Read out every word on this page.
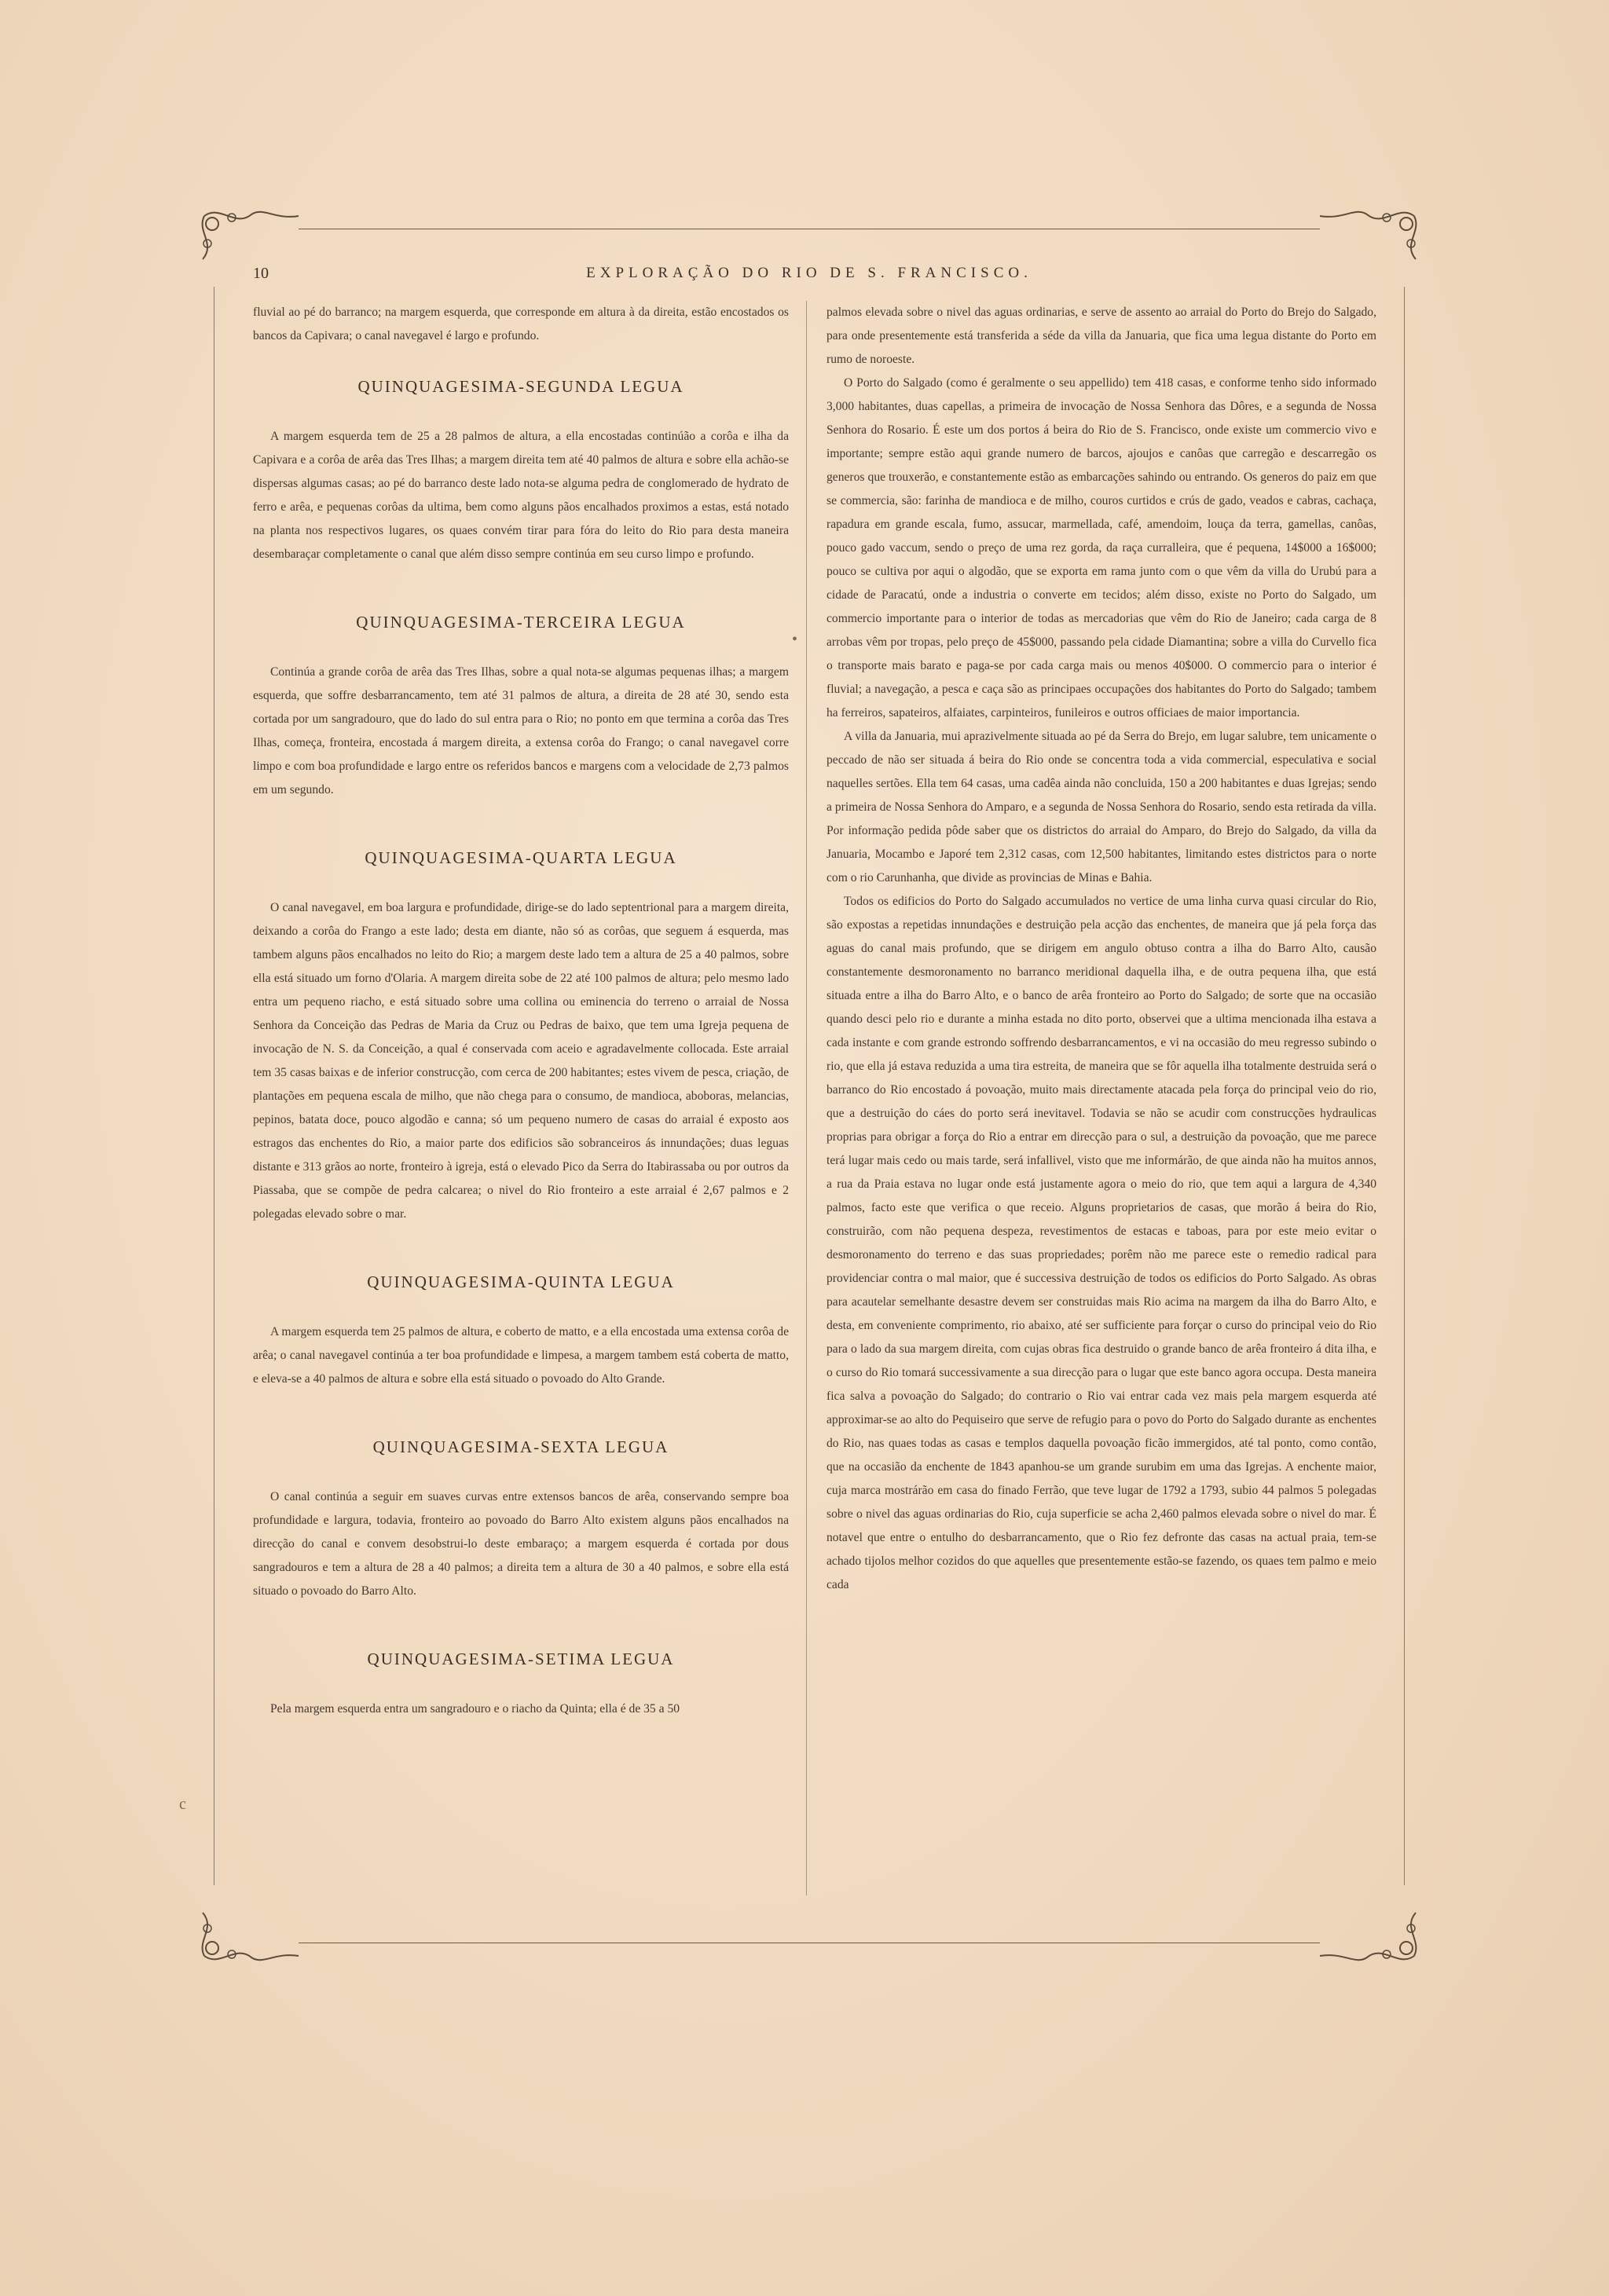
10	EXPLORAÇÃO DO RIO DE S. FRANCISCO.

fluvial ao pé do barranco; na margem esquerda, que corresponde em altura à da direita, estão encostados os bancos da Capivara; o canal navegavel é largo e profundo.

QUINQUAGESIMA-SEGUNDA LEGUA

A margem esquerda tem de 25 a 28 palmos de altura, a ella encostadas continúão a corôa e ilha da Capivara e a corôa de arêa das Tres Ilhas; a margem direita tem até 40 palmos de altura e sobre ella achão-se dispersas algumas casas; ao pé do barranco deste lado nota-se alguma pedra de conglomerado de hydrato de ferro e arêa, e pequenas corôas da ultima, bem como alguns pãos encalhados proximos a estas, está notado na planta nos respectivos lugares, os quaes convém tirar para fóra do leito do Rio para desta maneira desembaraçar completamente o canal que além disso sempre continúa em seu curso limpo e profundo.

QUINQUAGESIMA-TERCEIRA LEGUA

Continúa a grande corôa de arêa das Tres Ilhas, sobre a qual nota-se algumas pequenas ilhas; a margem esquerda, que soffre desbarrancamento, tem até 31 palmos de altura, a direita de 28 até 30, sendo esta cortada por um sangradouro, que do lado do sul entra para o Rio; no ponto em que termina a corôa das Tres Ilhas, começa, fronteira, encostada á margem direita, a extensa corôa do Frango; o canal navegavel corre limpo e com boa profundidade e largo entre os referidos bancos e margens com a velocidade de 2,73 palmos em um segundo.

QUINQUAGESIMA-QUARTA LEGUA

O canal navegavel, em boa largura e profundidade, dirige-se do lado septentrional para a margem direita, deixando a corôa do Frango a este lado; desta em diante, não só as corôas, que seguem á esquerda, mas tambem alguns pãos encalhados no leito do Rio; a margem deste lado tem a altura de 25 a 40 palmos, sobre ella está situado um forno d'Olaria. A margem direita sobe de 22 até 100 palmos de altura; pelo mesmo lado entra um pequeno riacho, e está situado sobre uma collina ou eminencia do terreno o arraial de Nossa Senhora da Conceição das Pedras de Maria da Cruz ou Pedras de baixo, que tem uma Igreja pequena de invocação de N. S. da Conceição, a qual é conservada com aceio e agradavelmente collocada. Este arraial tem 35 casas baixas e de inferior construcção, com cerca de 200 habitantes; estes vivem de pesca, criação, de plantações em pequena escala de milho, que não chega para o consumo, de mandioca, aboboras, melancias, pepinos, batata doce, pouco algodão e canna; só um pequeno numero de casas do arraial é exposto aos estragos das enchentes do Rio, a maior parte dos edificios são sobranceiros ás innundações; duas leguas distante e 313 grãos ao norte, fronteiro à igreja, está o elevado Pico da Serra do Itabirassaba ou por outros da Piassaba, que se compõe de pedra calcarea; o nivel do Rio fronteiro a este arraial é 2,67 palmos e 2 polegadas elevado sobre o mar.

QUINQUAGESIMA-QUINTA LEGUA

A margem esquerda tem 25 palmos de altura, e coberto de matto, e a ella encostada uma extensa corôa de arêa; o canal navegavel continúa a ter boa profundidade e limpesa, a margem tambem está coberta de matto, e eleva-se a 40 palmos de altura e sobre ella está situado o povoado do Alto Grande.

QUINQUAGESIMA-SEXTA LEGUA

O canal continúa a seguir em suaves curvas entre extensos bancos de arêa, conservando sempre boa profundidade e largura, todavia, fronteiro ao povoado do Barro Alto existem alguns pãos encalhados na direcção do canal e convem desobstrui-lo deste embaraço; a margem esquerda é cortada por dous sangradouros e tem a altura de 28 a 40 palmos; a direita tem a altura de 30 a 40 palmos, e sobre ella está situado o povoado do Barro Alto.

QUINQUAGESIMA-SETIMA LEGUA

Pela margem esquerda entra um sangradouro e o riacho da Quinta; ella é de 35 a 50

palmos elevada sobre o nivel das aguas ordinarias, e serve de assento ao arraial do Porto do Brejo do Salgado, para onde presentemente está transferida a séde da villa da Januaria, que fica uma legua distante do Porto em rumo de noroeste.

O Porto do Salgado (como é geralmente o seu appellido) tem 418 casas, e conforme tenho sido informado 3,000 habitantes, duas capellas, a primeira de invocação de Nossa Senhora das Dôres, e a segunda de Nossa Senhora do Rosario. É este um dos portos á beira do Rio de S. Francisco, onde existe um commercio vivo e importante; sempre estão aqui grande numero de barcos, ajoujos e canôas que carregão e descarregão os generos que trouxerão, e constantemente estão as embarcações sahindo ou entrando. Os generos do paiz em que se commercia, são: farinha de mandioca e de milho, couros curtidos e crús de gado, veados e cabras, cachaça, rapadura em grande escala, fumo, assucar, marmellada, café, amendoim, louça da terra, gamellas, canôas, pouco gado vaccum, sendo o preço de uma rez gorda, da raça curralleira, que é pequena, 14$000 a 16$000; pouco se cultiva por aqui o algodão, que se exporta em rama junto com o que vêm da villa do Urubú para a cidade de Paracatú, onde a industria o converte em tecidos; além disso, existe no Porto do Salgado, um commercio importante para o interior de todas as mercadorias que vêm do Rio de Janeiro; cada carga de 8 arrobas vêm por tropas, pelo preço de 45$000, passando pela cidade Diamantina; sobre a villa do Curvello fica o transporte mais barato e paga-se por cada carga mais ou menos 40$000. O commercio para o interior é fluvial; a navegação, a pesca e caça são as principaes occupações dos habitantes do Porto do Salgado; tambem ha ferreiros, sapateiros, alfaiates, carpinteiros, funileiros e outros officiaes de maior importancia.

A villa da Januaria, mui aprazivelmente situada ao pé da Serra do Brejo, em lugar salubre, tem unicamente o peccado de não ser situada á beira do Rio onde se concentra toda a vida commercial, especulativa e social naquelles sertões. Ella tem 64 casas, uma cadêa ainda não concluida, 150 a 200 habitantes e duas Igrejas; sendo a primeira de Nossa Senhora do Amparo, e a segunda de Nossa Senhora do Rosario, sendo esta retirada da villa. Por informação pedida pôde saber que os districtos do arraial do Amparo, do Brejo do Salgado, da villa da Januaria, Mocambo e Japoré tem 2,312 casas, com 12,500 habitantes, limitando estes districtos para o norte com o rio Carunhanha, que divide as provincias de Minas e Bahia.

Todos os edificios do Porto do Salgado accumulados no vertice de uma linha curva quasi circular do Rio, são expostas a repetidas innundações e destruição pela acção das enchentes, de maneira que já pela força das aguas do canal mais profundo, que se dirigem em angulo obtuso contra a ilha do Barro Alto, causão constantemente desmoronamento no barranco meridional daquella ilha, e de outra pequena ilha, que está situada entre a ilha do Barro Alto, e o banco de arêa fronteiro ao Porto do Salgado; de sorte que na occasião quando desci pelo rio e durante a minha estada no dito porto, observei que a ultima mencionada ilha estava a cada instante e com grande estrondo soffrendo desbarrancamentos, e vi na occasião do meu regresso subindo o rio, que ella já estava reduzida a uma tira estreita, de maneira que se fôr aquella ilha totalmente destruida será o barranco do Rio encostado á povoação, muito mais directamente atacada pela força do principal veio do rio, que a destruição do cáes do porto será inevitavel. Todavia se não se acudir com construcções hydraulicas proprias para obrigar a força do Rio a entrar em direcção para o sul, a destruição da povoação, que me parece terá lugar mais cedo ou mais tarde, será infallivel, visto que me informárão, de que ainda não ha muitos annos, a rua da Praia estava no lugar onde está justamente agora o meio do rio, que tem aqui a largura de 4,340 palmos, facto este que verifica o que receio. Alguns proprietarios de casas, que morão á beira do Rio, construirão, com não pequena despeza, revestimentos de estacas e taboas, para por este meio evitar o desmoronamento do terreno e das suas propriedades; porêm não me parece este o remedio radical para providenciar contra o mal maior, que é successiva destruição de todos os edificios do Porto Salgado. As obras para acautelar semelhante desastre devem ser construidas mais Rio acima na margem da ilha do Barro Alto, e desta, em conveniente comprimento, rio abaixo, até ser sufficiente para forçar o curso do principal veio do Rio para o lado da sua margem direita, com cujas obras fica destruido o grande banco de arêa fronteiro á dita ilha, e o curso do Rio tomará successivamente a sua direcção para o lugar que este banco agora occupa. Desta maneira fica salva a povoação do Salgado; do contrario o Rio vai entrar cada vez mais pela margem esquerda até approximar-se ao alto do Pequiseiro que serve de refugio para o povo do Porto do Salgado durante as enchentes do Rio, nas quaes todas as casas e templos daquella povoação ficão immergidos, até tal ponto, como contão, que na occasião da enchente de 1843 apanhou-se um grande surubim em uma das Igrejas. A enchente maior, cuja marca mostrárão em casa do finado Ferrão, que teve lugar de 1792 a 1793, subio 44 palmos 5 polegadas sobre o nivel das aguas ordinarias do Rio, cuja superficie se acha 2,460 palmos elevada sobre o nivel do mar. É notavel que entre o entulho do desbarrancamento, que o Rio fez defronte das casas na actual praia, tem-se achado tijolos melhor cozidos do que aquelles que presentemente estão-se fazendo, os quaes tem palmo e meio cada

•
c
